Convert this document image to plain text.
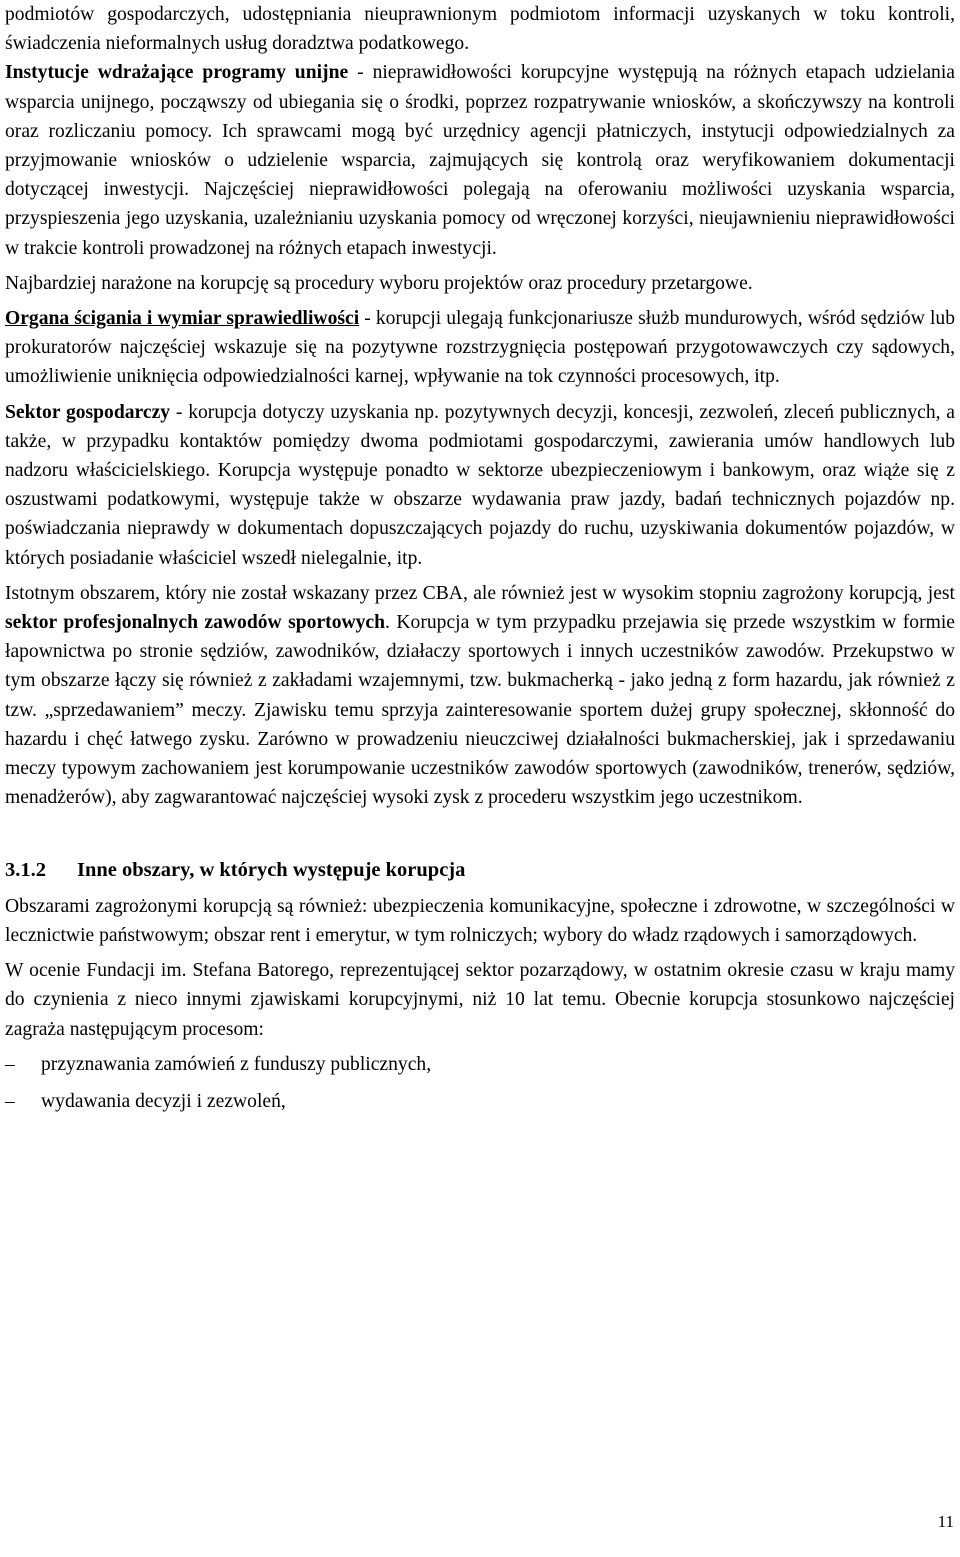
podmiotów gospodarczych, udostępniania nieuprawnionym podmiotom informacji uzyskanych w toku kontroli, świadczenia nieformalnych usług doradztwa podatkowego.

Instytucje wdrażające programy unijne - nieprawidłowości korupcyjne występują na różnych etapach udzielania wsparcia unijnego, począwszy od ubiegania się o środki, poprzez rozpatrywanie wniosków, a skończywszy na kontroli oraz rozliczaniu pomocy. Ich sprawcami mogą być urzędnicy agencji płatniczych, instytucji odpowiedzialnych za przyjmowanie wniosków o udzielenie wsparcia, zajmujących się kontrolą oraz weryfikowaniem dokumentacji dotyczącej inwestycji. Najczęściej nieprawidłowości polegają na oferowaniu możliwości uzyskania wsparcia, przyspieszenia jego uzyskania, uzależnianiu uzyskania pomocy od wręczonej korzyści, nieujawnieniu nieprawidłowości w trakcie kontroli prowadzonej na różnych etapach inwestycji.

Najbardziej narażone na korupcję są procedury wyboru projektów oraz procedury przetargowe.

Organa ścigania i wymiar sprawiedliwości - korupcji ulegają funkcjonariusze służb mundurowych, wśród sędziów lub prokuratorów najczęściej wskazuje się na pozytywne rozstrzygnięcia postępowań przygotowawczych czy sądowych, umożliwienie uniknięcia odpowiedzialności karnej, wpływanie na tok czynności procesowych, itp.

Sektor gospodarczy - korupcja dotyczy uzyskania np. pozytywnych decyzji, koncesji, zezwoleń, zleceń publicznych, a także, w przypadku kontaktów pomiędzy dwoma podmiotami gospodarczymi, zawierania umów handlowych lub nadzoru właścicielskiego. Korupcja występuje ponadto w sektorze ubezpieczeniowym i bankowym, oraz wiąże się z oszustwami podatkowymi, występuje także w obszarze wydawania praw jazdy, badań technicznych pojazdów np. poświadczania nieprawdy w dokumentach dopuszczających pojazdy do ruchu, uzyskiwania dokumentów pojazdów, w których posiadanie właściciel wszedł nielegalnie, itp.

Istotnym obszarem, który nie został wskazany przez CBA, ale również jest w wysokim stopniu zagrożony korupcją, jest sektor profesjonalnych zawodów sportowych. Korupcja w tym przypadku przejawia się przede wszystkim w formie łapownictwa po stronie sędziów, zawodników, działaczy sportowych i innych uczestników zawodów. Przekupstwo w tym obszarze łączy się również z zakładami wzajemnymi, tzw. bukmacherką - jako jedną z form hazardu, jak również z tzw. „sprzedawaniem” meczy. Zjawisku temu sprzyja zainteresowanie sportem dużej grupy społecznej, skłonność do hazardu i chęć łatwego zysku. Zarówno w prowadzeniu nieuczciwej działalności bukmacherskiej, jak i sprzedawaniu meczy typowym zachowaniem jest korumpowanie uczestników zawodów sportowych (zawodników, trenerów, sędziów, menadżerów), aby zagwarantować najczęściej wysoki zysk z procederu wszystkim jego uczestnikom.

3.1.2 Inne obszary, w których występuje korupcja

Obszarami zagrożonymi korupcją są również: ubezpieczenia komunikacyjne, społeczne i zdrowotne, w szczególności w lecznictwie państwowym; obszar rent i emerytur, w tym rolniczych; wybory do władz rządowych i samorządowych.

W ocenie Fundacji im. Stefana Batorego, reprezentującej sektor pozarządowy, w ostatnim okresie czasu w kraju mamy do czynienia z nieco innymi zjawiskami korupcyjnymi, niż 10 lat temu. Obecnie korupcja stosunkowo najczęściej zagraża następującym procesom:

–	przyznawania zamówień z funduszy publicznych,
–	wydawania decyzji i zezwoleń,
11
